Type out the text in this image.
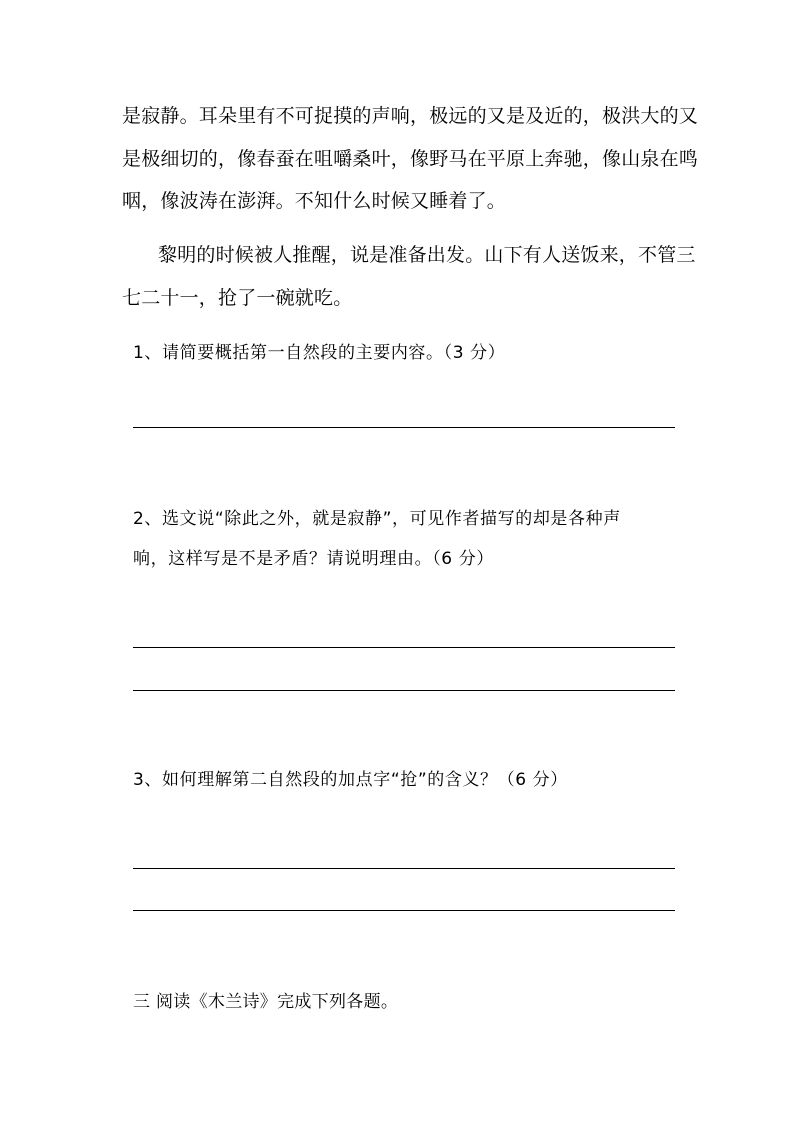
是寂静。耳朵里有不可捉摸的声响，极远的又是及近的，极洪大的又
是极细切的，像春蚕在咀嚼桑叶，像野马在平原上奔驰，像山泉在鸣
咽，像波涛在澎湃。不知什么时候又睡着了。
黎明的时候被人推醒，说是准备出发。山下有人送饭来，不管三
七二十一，抢了一碗就吃。
1、请简要概括第一自然段的主要内容。（3 分）
2、选文说“除此之外，就是寂静”，可见作者描写的却是各种声
响，这样写是不是矛盾？请说明理由。（6 分）
3、如何理解第二自然段的加点字“抢”的含义？（6 分）
三 阅读《木兰诗》完成下列各题。
